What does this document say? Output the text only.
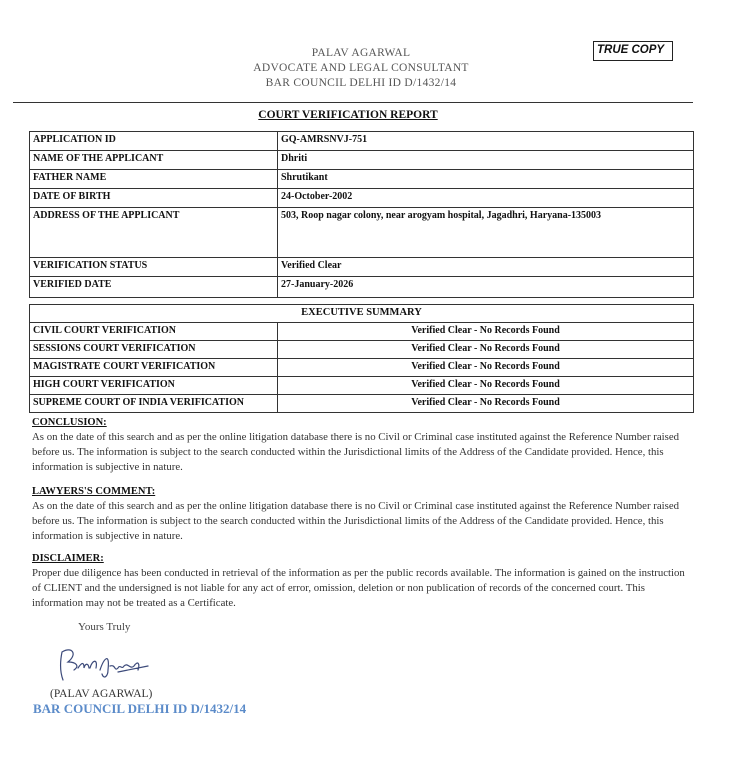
PALAV AGARWAL
ADVOCATE AND LEGAL CONSULTANT
BAR COUNCIL DELHI ID D/1432/14
TRUE COPY
COURT VERIFICATION REPORT
APPLICATION ID	GQ-AMRSNVJ-751
NAME OF THE APPLICANT	Dhriti
FATHER NAME	Shrutikant
DATE OF BIRTH	24-October-2002
ADDRESS OF THE APPLICANT	503, Roop nagar colony, near arogyam hospital, Jagadhri, Haryana-135003
VERIFICATION STATUS	Verified Clear
VERIFIED DATE	27-January-2026
EXECUTIVE SUMMARY	
CIVIL COURT VERIFICATION	Verified Clear - No Records Found
SESSIONS COURT VERIFICATION	Verified Clear - No Records Found
MAGISTRATE COURT VERIFICATION	Verified Clear - No Records Found
HIGH COURT VERIFICATION	Verified Clear - No Records Found
SUPREME COURT OF INDIA VERIFICATION	Verified Clear - No Records Found
CONCLUSION:
As on the date of this search and as per the online litigation database there is no Civil or Criminal case instituted against the Reference Number raised before us. The information is subject to the search conducted within the Jurisdictional limits of the Address of the Candidate provided. Hence, this information is subjective in nature.
LAWYERS'S COMMENT:
As on the date of this search and as per the online litigation database there is no Civil or Criminal case instituted against the Reference Number raised before us. The information is subject to the search conducted within the Jurisdictional limits of the Address of the Candidate provided. Hence, this information is subjective in nature.
DISCLAIMER:
Proper due diligence has been conducted in retrieval of the information as per the public records available. The information is gained on the instruction of CLIENT and the undersigned is not liable for any act of error, omission, deletion or non publication of records of the concerned court. This information may not be treated as a Certificate.
Yours Truly
(PALAV AGARWAL)
BAR COUNCIL DELHI ID D/1432/14
